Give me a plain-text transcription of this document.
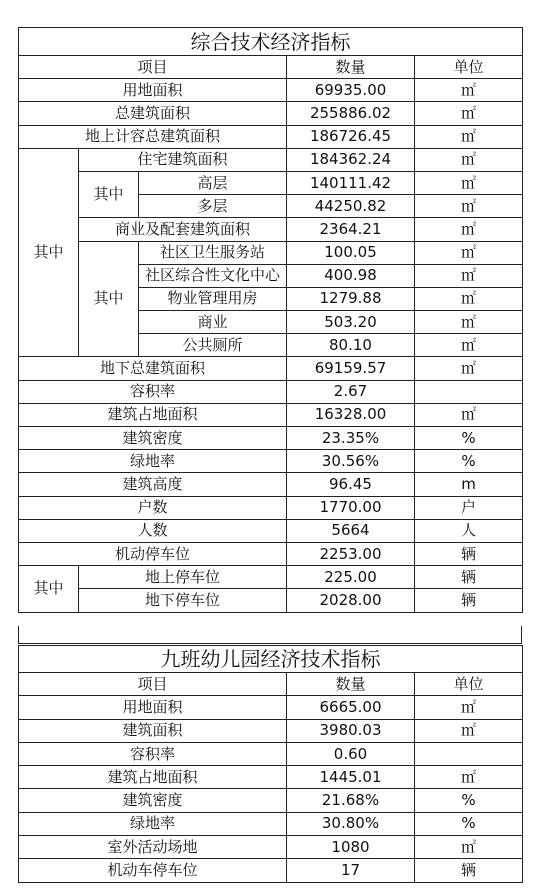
综合技术经济指标				
项目			数量	单位
用地面积			69935.00	㎡
总建筑面积			255886.02	㎡
地上计容总建筑面积			186726.45	㎡
其中	住宅建筑面积		184362.24	㎡
	其中	高层	140111.42	㎡
		多层	44250.82	㎡
	商业及配套建筑面积		2364.21	㎡
	其中	社区卫生服务站	100.05	㎡
		社区综合性文化中心	400.98	㎡
		物业管理用房	1279.88	㎡
		商业	503.20	㎡
		公共厕所	80.10	㎡
地下总建筑面积			69159.57	㎡
容积率			2.67	
建筑占地面积			16328.00	㎡
建筑密度			23.35%	%
绿地率			30.56%	%
建筑高度			96.45	m
户数			1770.00	户
人数			5664	人
机动停车位			2253.00	辆
其中	地上停车位		225.00	辆
	地下停车位		2028.00	辆
九班幼儿园经济技术指标		
项目	数量	单位
用地面积	6665.00	㎡
建筑面积	3980.03	㎡
容积率	0.60	
建筑占地面积	1445.01	㎡
建筑密度	21.68%	%
绿地率	30.80%	%
室外活动场地	1080	㎡
机动车停车位	17	辆
